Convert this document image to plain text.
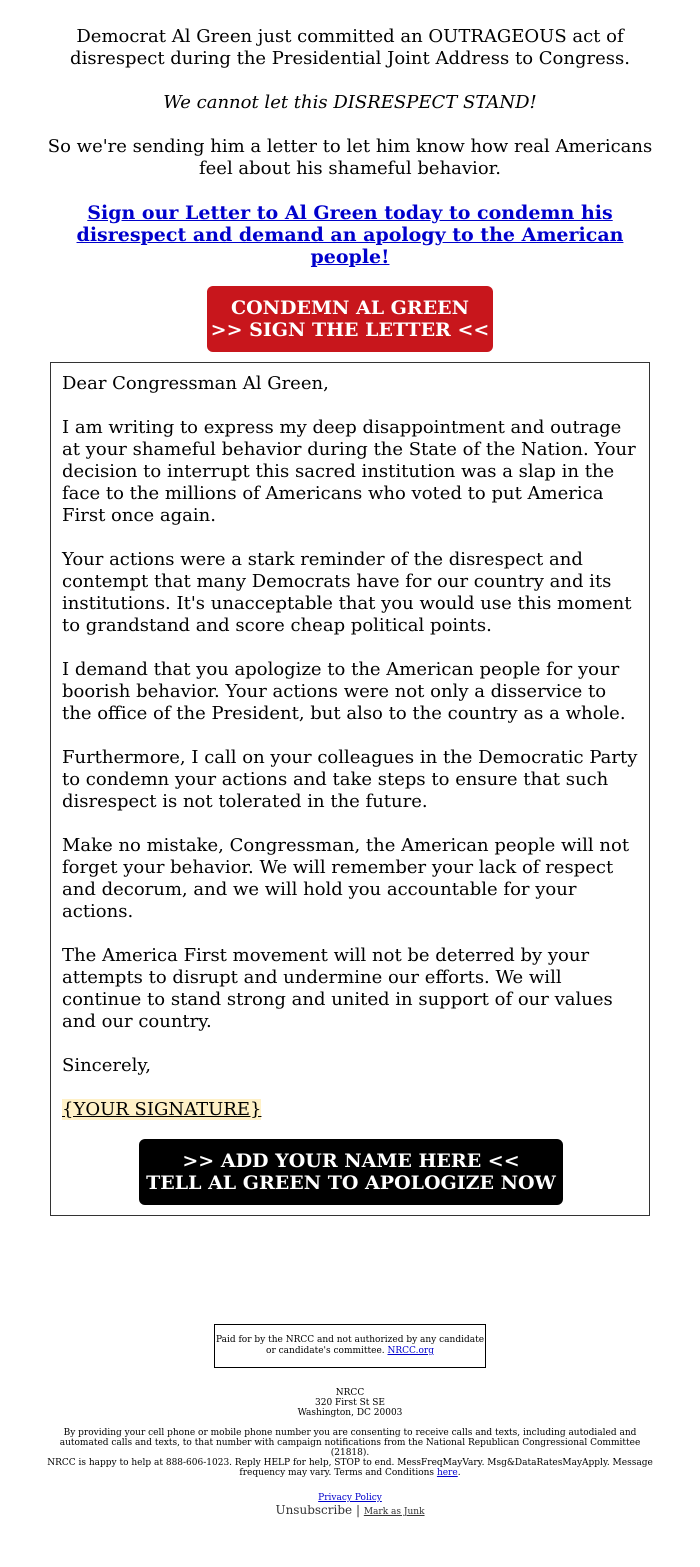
Democrat Al Green just committed an OUTRAGEOUS act of disrespect during the Presidential Joint Address to Congress.
We cannot let this DISRESPECT STAND!
So we're sending him a letter to let him know how real Americans feel about his shameful behavior.
Sign our Letter to Al Green today to condemn his disrespect and demand an apology to the American people!
CONDEMN AL GREEN
>> SIGN THE LETTER <<

Dear Congressman Al Green,

I am writing to express my deep disappointment and outrage at your shameful behavior during the State of the Nation. Your decision to interrupt this sacred institution was a slap in the face to the millions of Americans who voted to put America First once again.

Your actions were a stark reminder of the disrespect and contempt that many Democrats have for our country and its institutions. It's unacceptable that you would use this moment to grandstand and score cheap political points.

I demand that you apologize to the American people for your boorish behavior. Your actions were not only a disservice to the office of the President, but also to the country as a whole.

Furthermore, I call on your colleagues in the Democratic Party to condemn your actions and take steps to ensure that such disrespect is not tolerated in the future.

Make no mistake, Congressman, the American people will not forget your behavior. We will remember your lack of respect and decorum, and we will hold you accountable for your actions.

The America First movement will not be deterred by your attempts to disrupt and undermine our efforts. We will continue to stand strong and united in support of our values and our country.

Sincerely,

{YOUR SIGNATURE}

>> ADD YOUR NAME HERE <<
TELL AL GREEN TO APOLOGIZE NOW
Paid for by the NRCC and not authorized by any candidate or candidate's committee. NRCC.org
NRCC
320 First St SE
Washington, DC 20003
By providing your cell phone or mobile phone number you are consenting to receive calls and texts, including autodialed and automated calls and texts, to that number with campaign notifications from the National Republican Congressional Committee (21818).
NRCC is happy to help at 888-606-1023. Reply HELP for help, STOP to end. MessFreqMayVary. Msg&DataRatesMayApply. Message frequency may vary. Terms and Conditions here.
Privacy Policy
Unsubscribe | Mark as Junk
